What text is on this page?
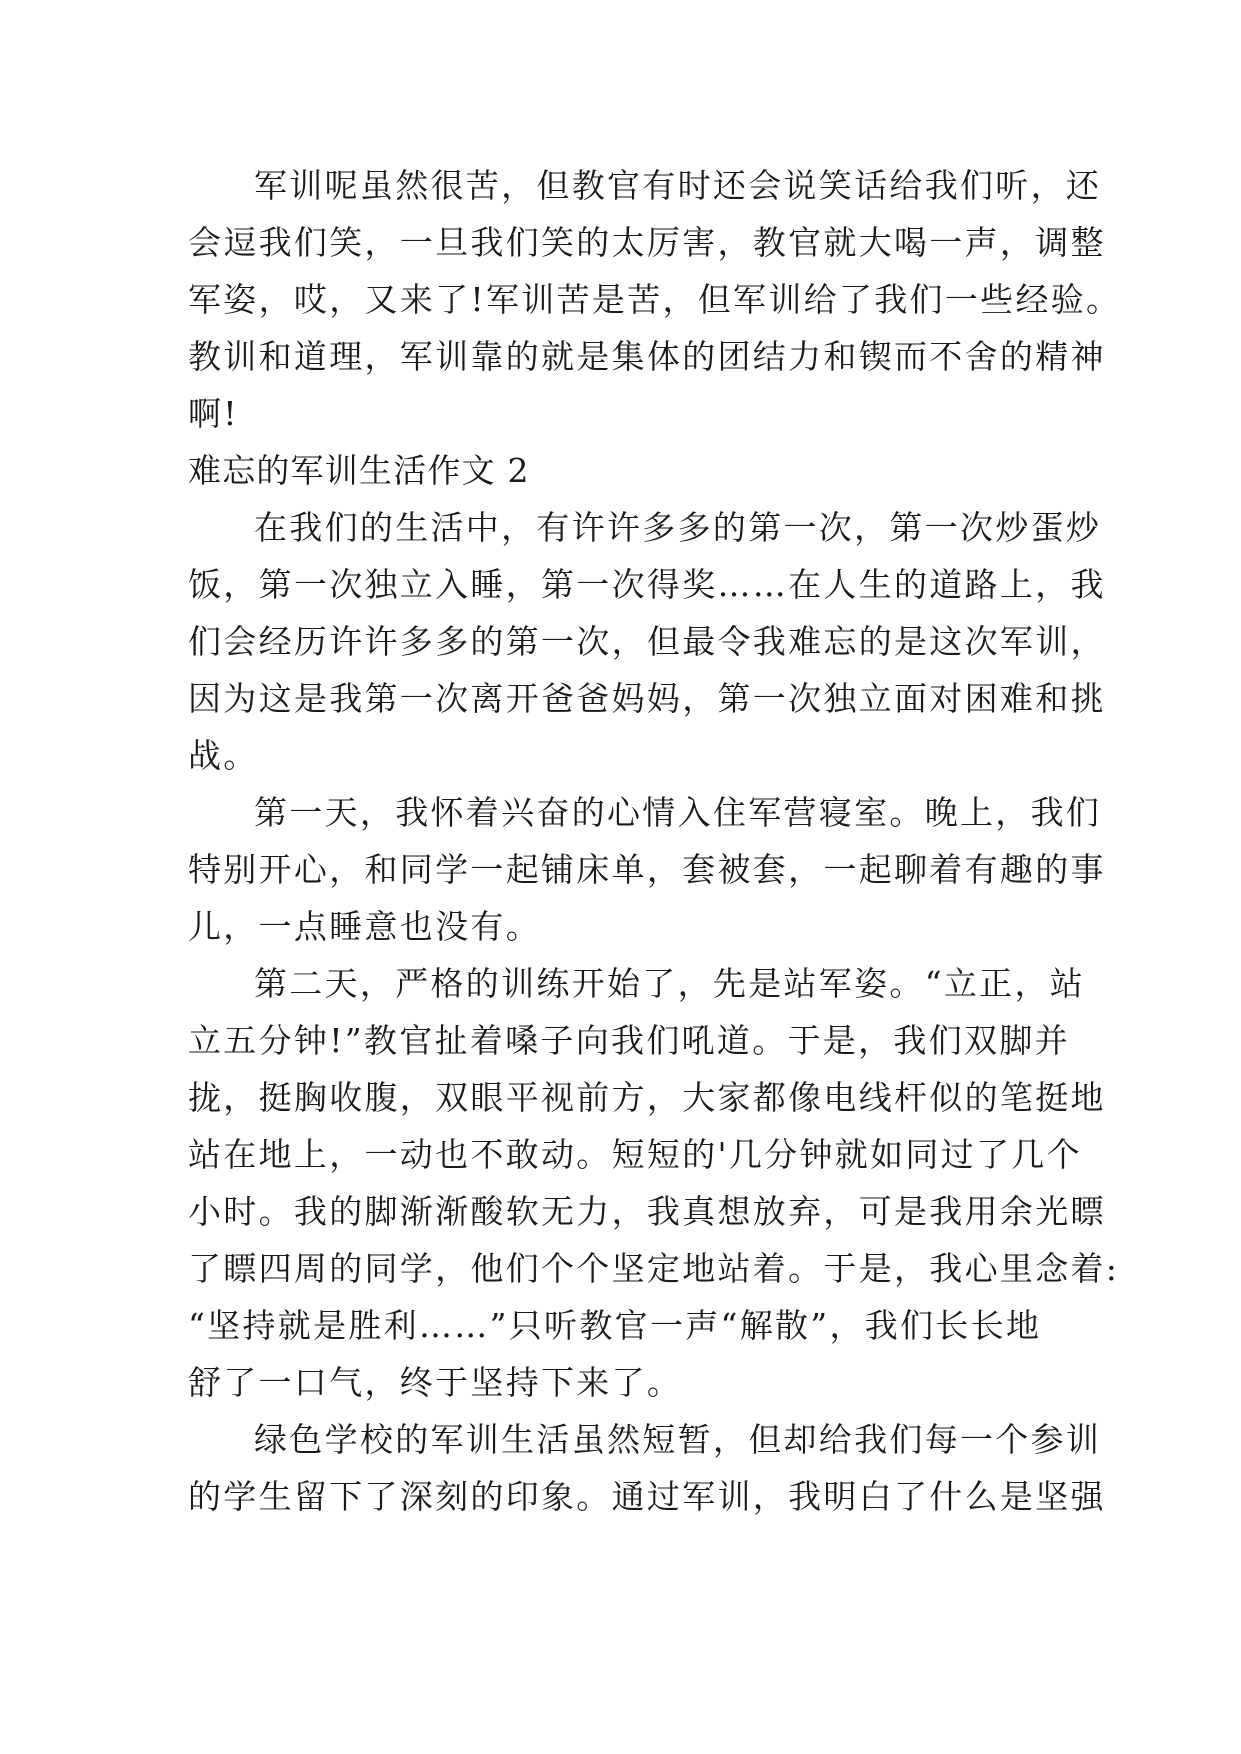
军训呢虽然很苦，但教官有时还会说笑话给我们听，还
会逗我们笑，一旦我们笑的太厉害，教官就大喝一声，调整
军姿，哎，又来了!军训苦是苦，但军训给了我们一些经验。
教训和道理，军训靠的就是集体的团结力和锲而不舍的精神
啊!
难忘的军训生活作文 2
在我们的生活中，有许许多多的第一次，第一次炒蛋炒
饭，第一次独立入睡，第一次得奖……在人生的道路上，我
们会经历许许多多的第一次，但最令我难忘的是这次军训，
因为这是我第一次离开爸爸妈妈，第一次独立面对困难和挑
战。
第一天，我怀着兴奋的心情入住军营寝室。晚上，我们
特别开心，和同学一起铺床单，套被套，一起聊着有趣的事
儿，一点睡意也没有。
第二天，严格的训练开始了，先是站军姿。“立正，站
立五分钟!”教官扯着嗓子向我们吼道。于是，我们双脚并
拢，挺胸收腹，双眼平视前方，大家都像电线杆似的笔挺地
站在地上，一动也不敢动。短短的'几分钟就如同过了几个
小时。我的脚渐渐酸软无力，我真想放弃，可是我用余光瞟
了瞟四周的同学，他们个个坚定地站着。于是，我心里念着:
“坚持就是胜利……”只听教官一声“解散”，我们长长地
舒了一口气，终于坚持下来了。
绿色学校的军训生活虽然短暂，但却给我们每一个参训
的学生留下了深刻的印象。通过军训，我明白了什么是坚强
